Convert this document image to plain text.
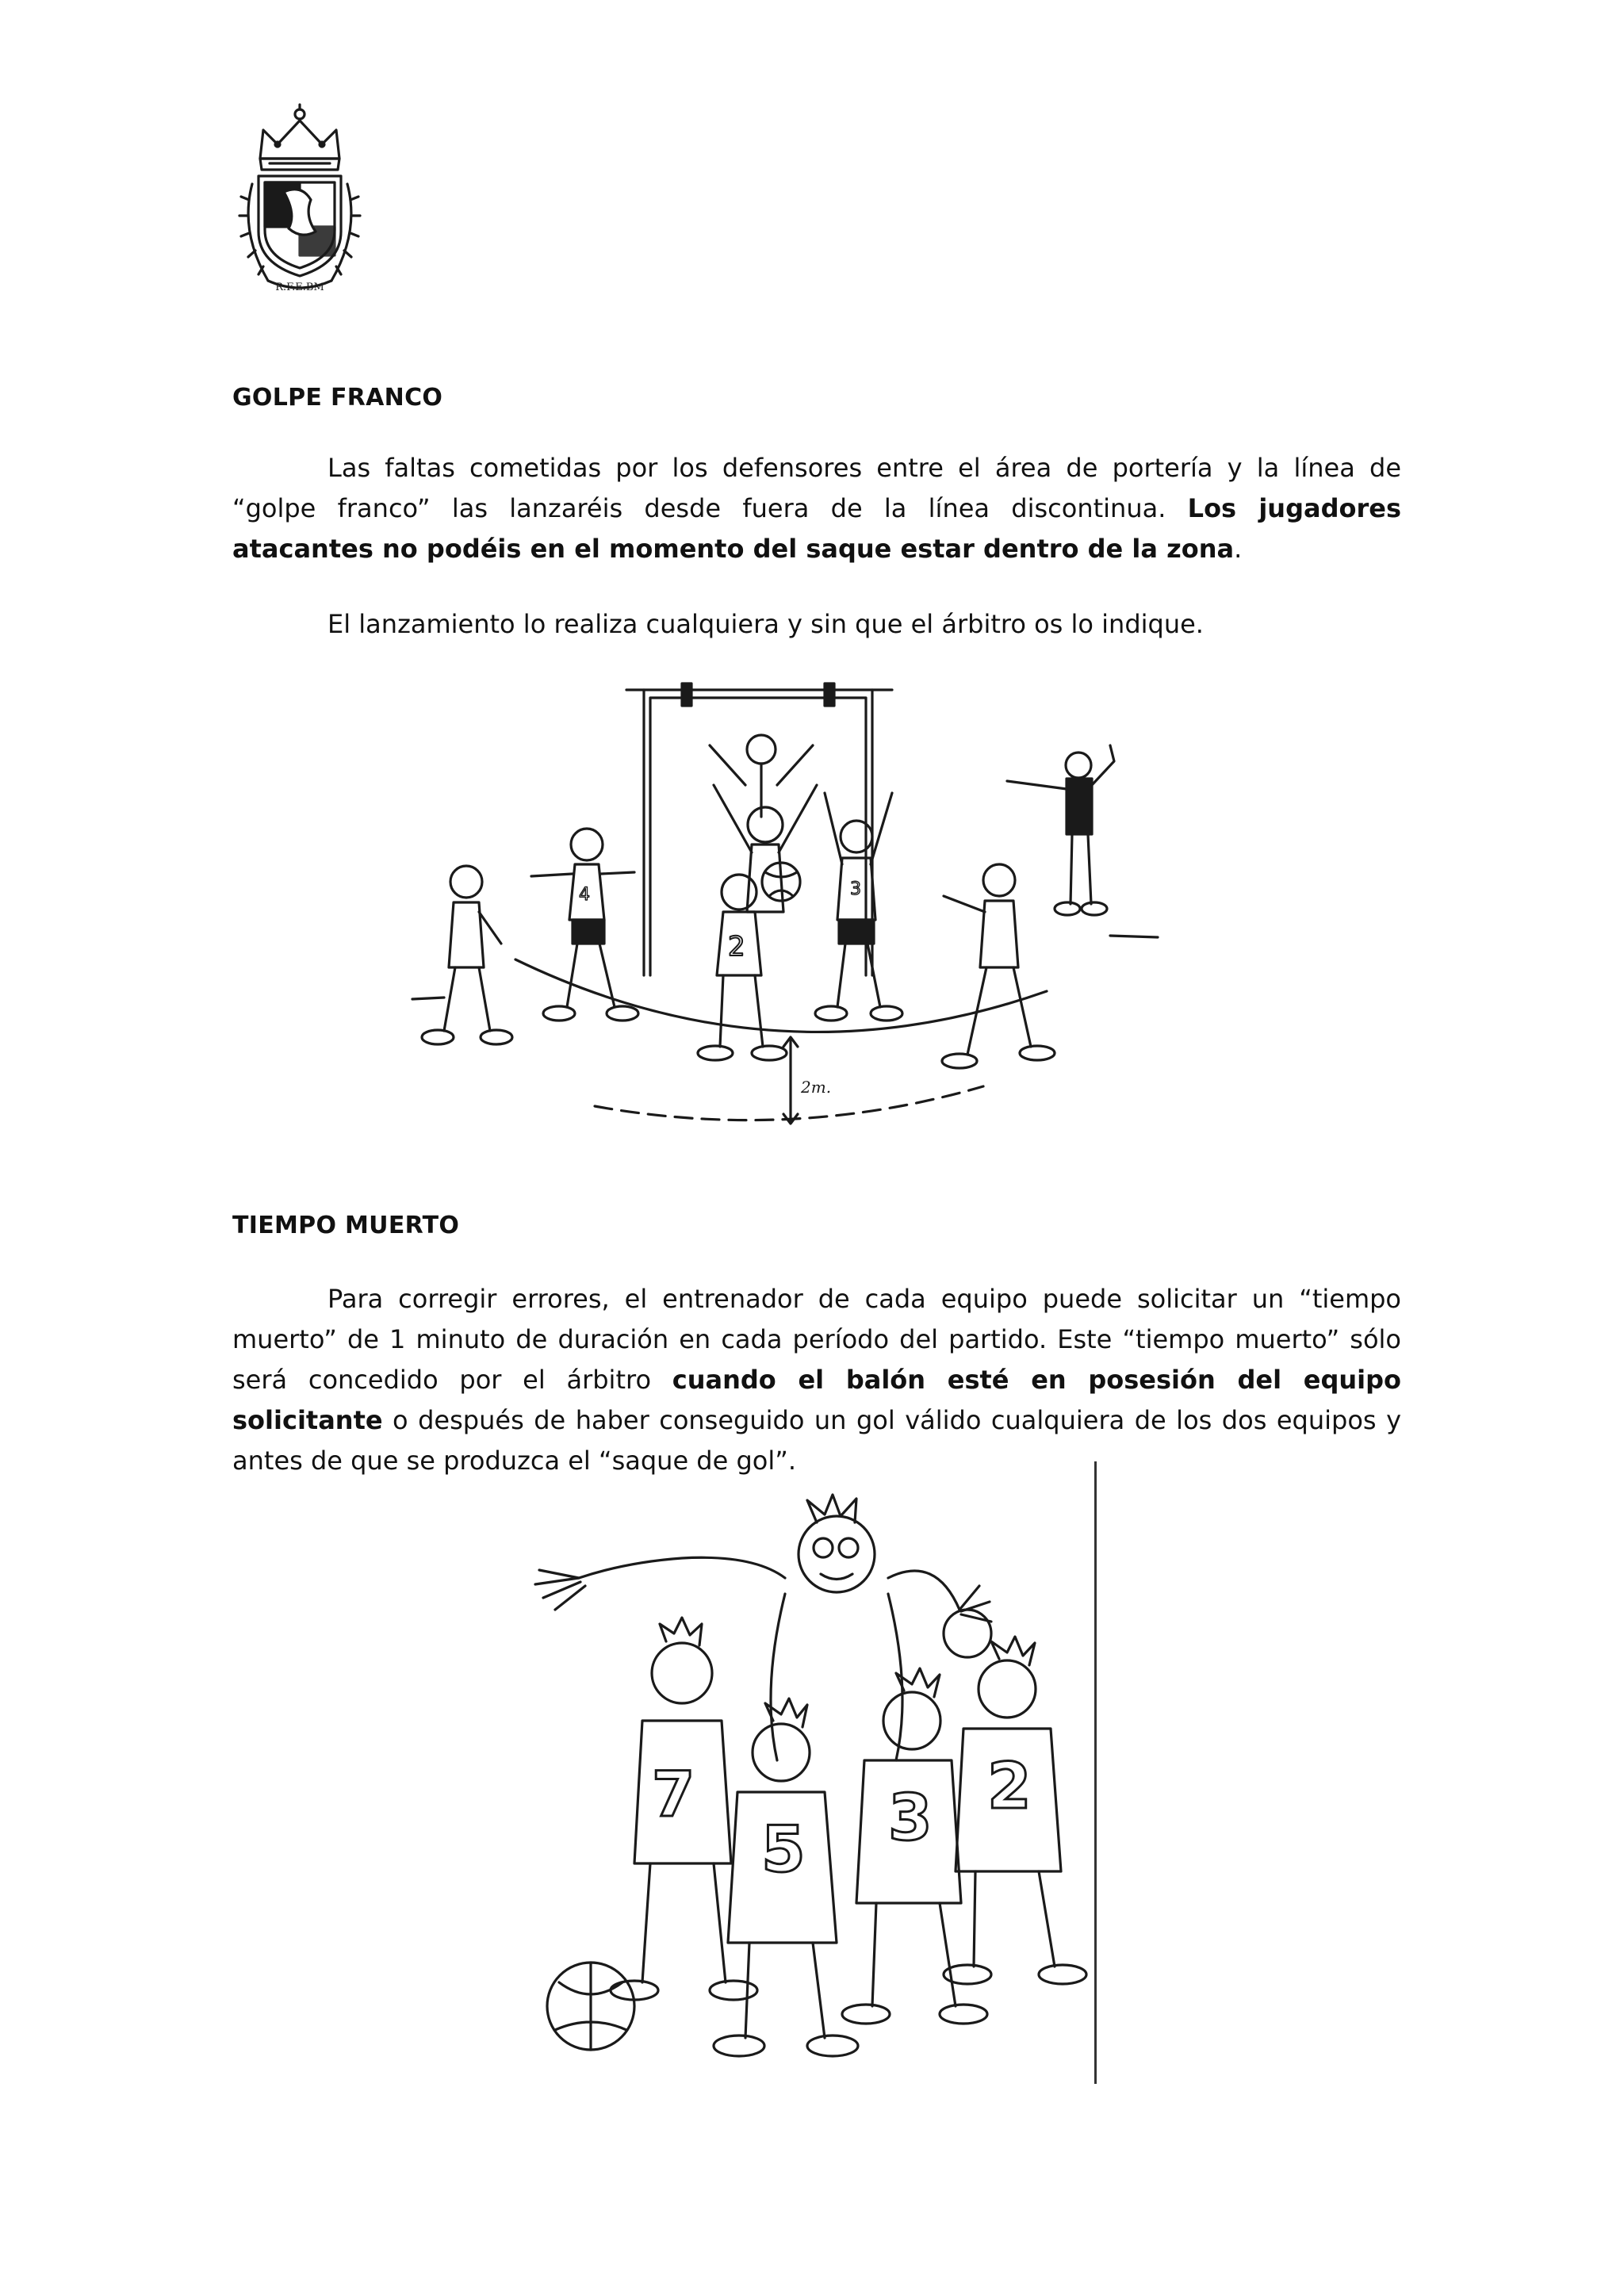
R.F.E.BM
GOLPE FRANCO
Las faltas cometidas por los defensores entre el área de portería y la línea de “golpe franco” las lanzaréis desde fuera de la línea discontinua. Los jugadores atacantes no podéis en el momento del saque estar dentro de la zona.
El lanzamiento lo realiza cualquiera y sin que el árbitro os lo indique.
4
2
3
2m.
TIEMPO MUERTO
Para corregir errores, el entrenador de cada equipo puede solicitar un “tiempo muerto” de 1 minuto de duración en cada período del partido. Este “tiempo muerto” sólo será concedido por el árbitro cuando el balón esté en posesión del equipo solicitante o después de haber conseguido un gol válido cualquiera de los dos equipos y antes de que se produzca el “saque de gol”.
7
5 3 2
